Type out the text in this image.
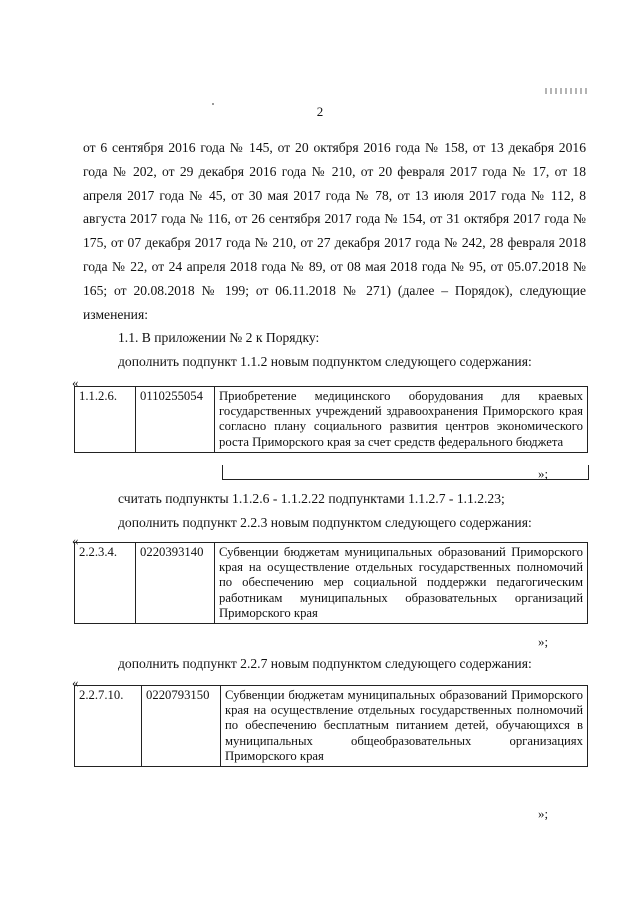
2

от 6 сентября 2016 года № 145, от 20 октября 2016 года № 158, от 13 декабря 2016 года № 202, от 29 декабря 2016 года № 210, от 20 февраля 2017 года № 17, от 18 апреля 2017 года № 45, от 30 мая 2017 года № 78, от 13 июля 2017 года № 112, 8 августа 2017 года № 116, от 26 сентября 2017 года № 154, от 31 октября 2017 года № 175, от 07 декабря 2017 года № 210, от 27 декабря 2017 года № 242, 28 февраля 2018 года № 22, от 24 апреля 2018 года № 89, от 08 мая 2018 года № 95, от 05.07.2018 № 165; от 20.08.2018 № 199; от 06.11.2018 № 271) (далее – Порядок), следующие изменения:

1.1. В приложении № 2 к Порядку:
дополнить подпункт 1.1.2 новым подпунктом следующего содержания:
«
1.1.2.6.	0110255054	Приобретение медицинского оборудования для краевых государственных учреждений здравоохранения Приморского края согласно плану социального развития центров экономического роста Приморского края за счет средств федерального бюджета
»;
считать подпункты 1.1.2.6 - 1.1.2.22 подпунктами 1.1.2.7 - 1.1.2.23;
дополнить подпункт 2.2.3 новым подпунктом следующего содержания:
«
2.2.3.4.	0220393140	Субвенции бюджетам муниципальных образований Приморского края на осуществление отдельных государственных полномочий по обеспечению мер социальной поддержки педагогическим работникам муниципальных образовательных организаций Приморского края
»;
дополнить подпункт 2.2.7 новым подпунктом следующего содержания:
«
2.2.7.10.	0220793150	Субвенции бюджетам муниципальных образований Приморского края на осуществление отдельных государственных полномочий по обеспечению бесплатным питанием детей, обучающихся в муниципальных общеобразовательных организациях Приморского края
»;
